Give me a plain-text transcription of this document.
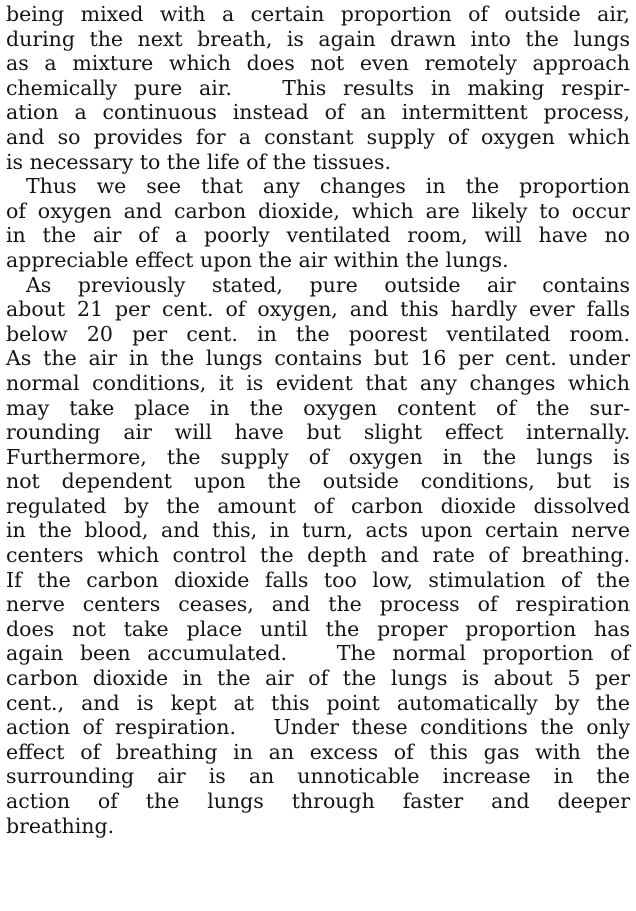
being mixed with a certain proportion of outside air,
during the next breath, is again drawn into the lungs
as a mixture which does not even remotely approach
chemically pure air.   This results in making respir-
ation a continuous instead of an intermittent process,
and so provides for a constant supply of oxygen which
is necessary to the life of the tissues.
Thus we see that any changes in the proportion
of oxygen and carbon dioxide, which are likely to occur
in the air of a poorly ventilated room, will have no
appreciable effect upon the air within the lungs.
As previously stated, pure outside air contains
about 21 per cent. of oxygen, and this hardly ever falls
below 20 per cent. in the poorest ventilated room.
As the air in the lungs contains but 16 per cent. under
normal conditions, it is evident that any changes which
may take place in the oxygen content of the sur-
rounding air will have but slight effect internally.
Furthermore, the supply of oxygen in the lungs is
not dependent upon the outside conditions, but is
regulated by the amount of carbon dioxide dissolved
in the blood, and this, in turn, acts upon certain nerve
centers which control the depth and rate of breathing.
If the carbon dioxide falls too low, stimulation of the
nerve centers ceases, and the process of respiration
does not take place until the proper proportion has
again been accumulated.   The normal proportion of
carbon dioxide in the air of the lungs is about 5 per
cent., and is kept at this point automatically by the
action of respiration.   Under these conditions the only
effect of breathing in an excess of this gas with the
surrounding air is an unnoticable increase in the
action of the lungs through faster and deeper
breathing.
